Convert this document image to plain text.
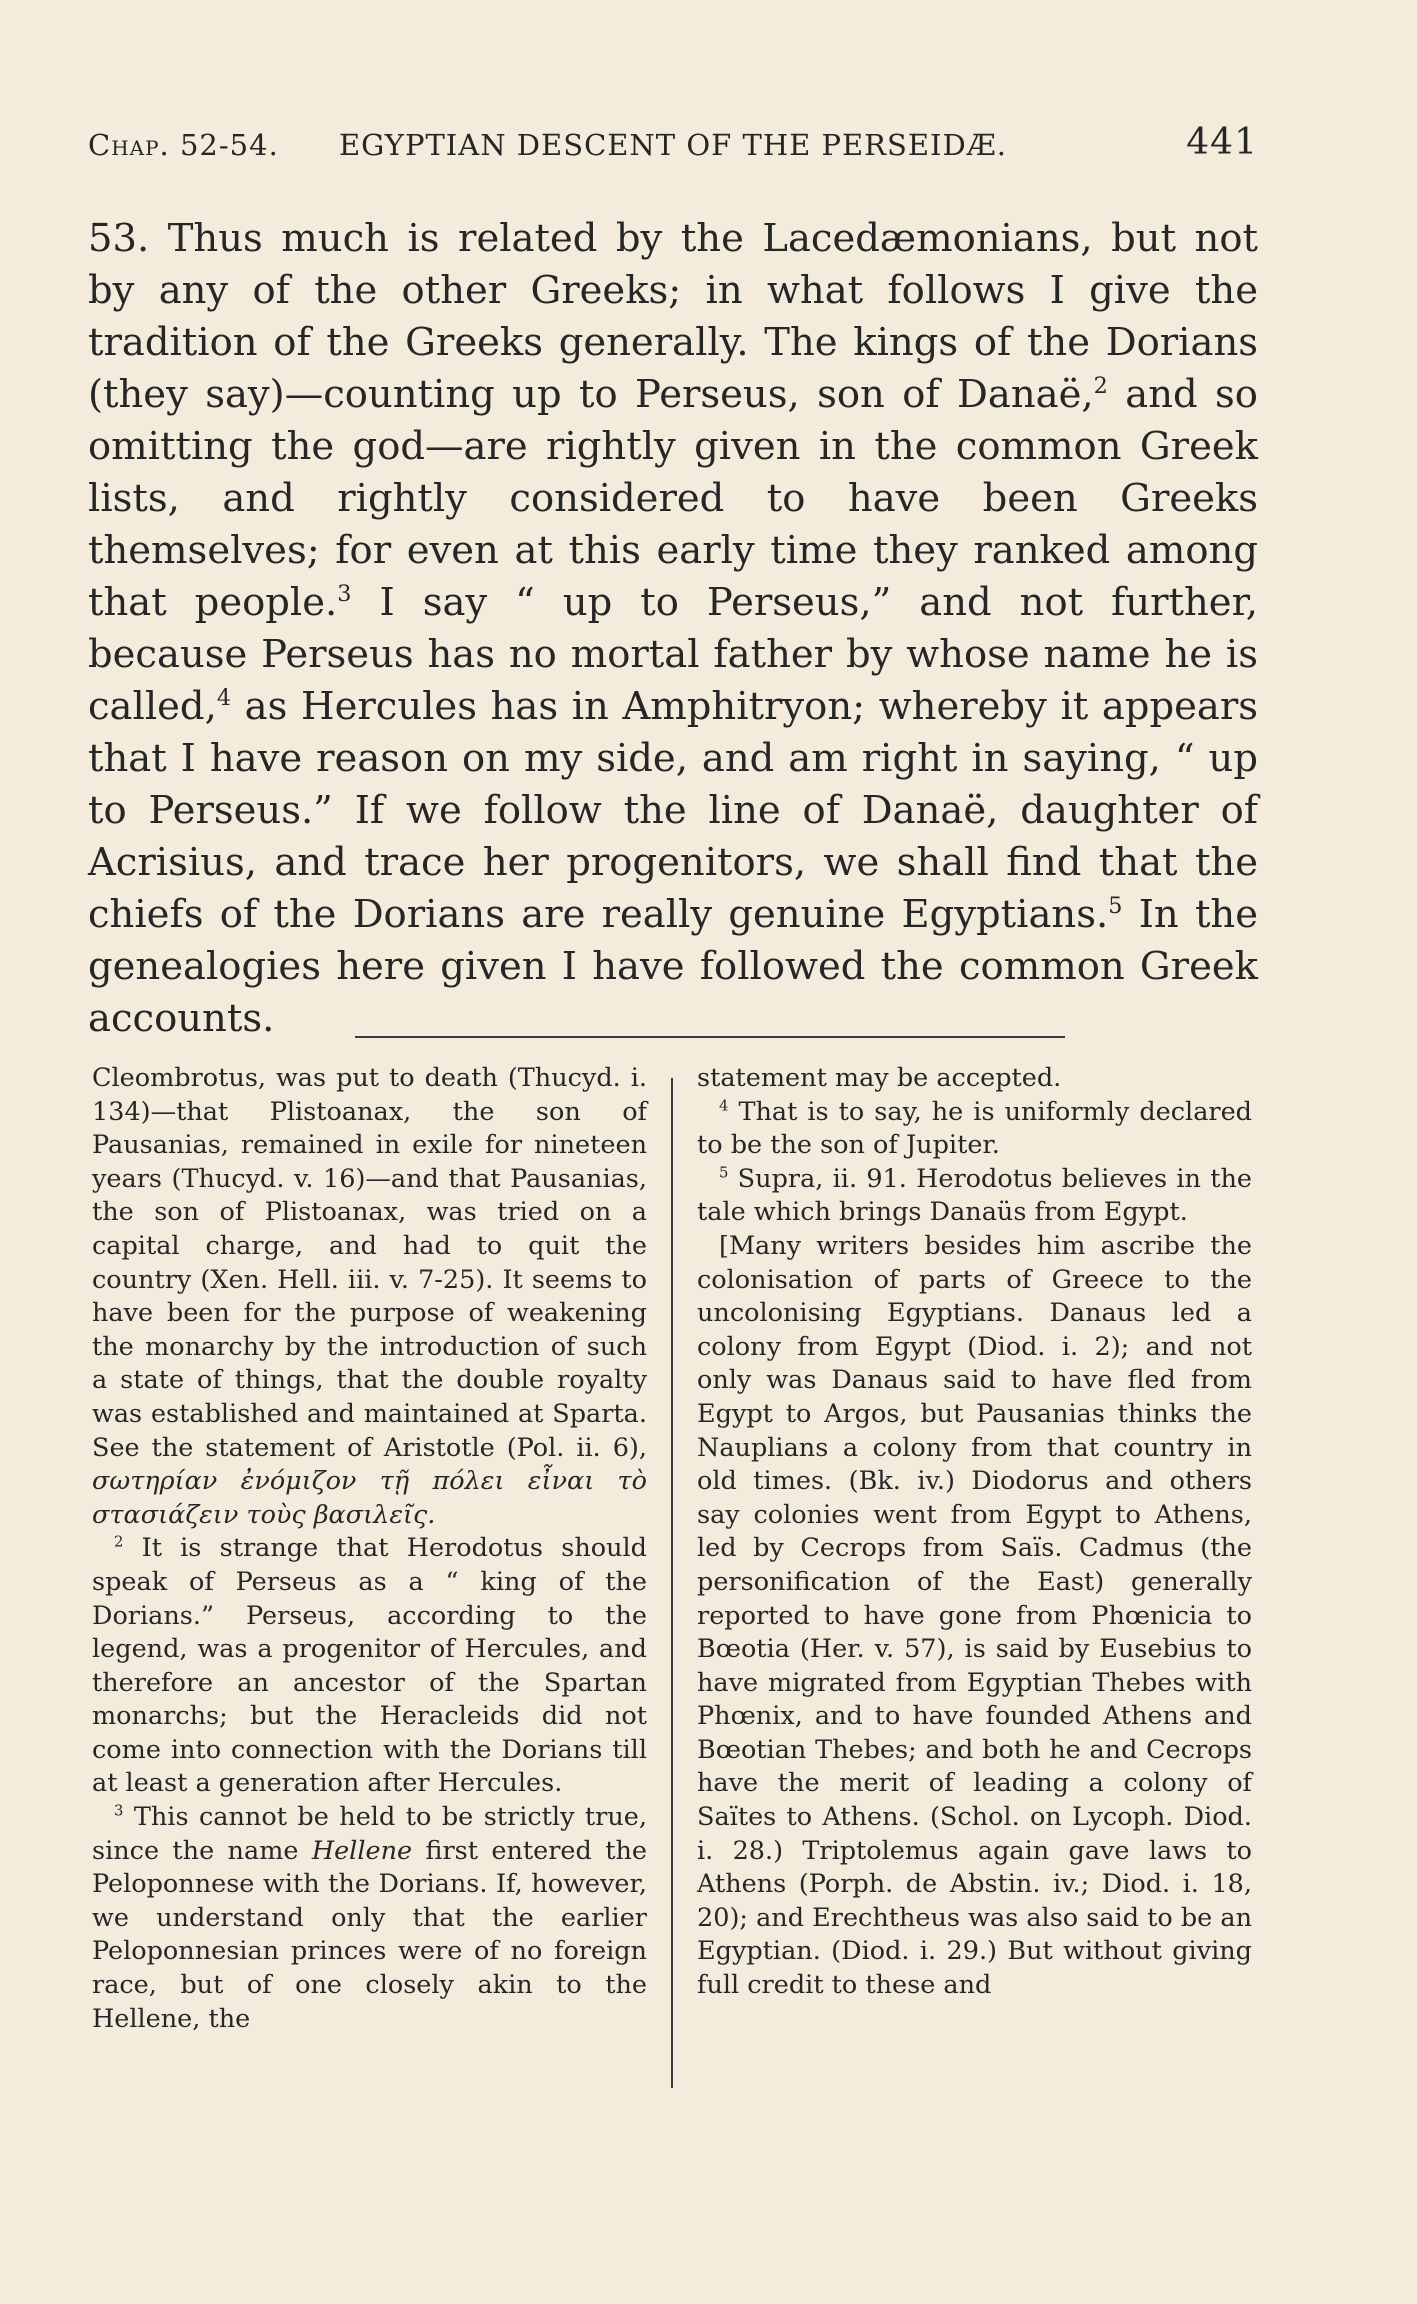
Chap. 52-54.	EGYPTIAN DESCENT OF THE PERSEIDÆ.	441

53. Thus much is related by the Lacedæmonians, but not by any of the other Greeks; in what follows I give the tradition of the Greeks generally. The kings of the Dorians (they say)—counting up to Perseus, son of Danaë,$^2$ and so omitting the god—are rightly given in the common Greek lists, and rightly considered to have been Greeks themselves; for even at this early time they ranked among that people.$^3$ I say “ up to Perseus,” and not further, because Perseus has no mortal father by whose name he is called,$^4$ as Hercules has in Amphitryon; whereby it appears that I have reason on my side, and am right in saying, “ up to Perseus.” If we follow the line of Danaë, daughter of Acrisius, and trace her progenitors, we shall find that the chiefs of the Dorians are really genuine Egyptians.$^5$ In the genealogies here given I have followed the common Greek accounts.

Cleombrotus, was put to death (Thucyd. i. 134)—that Plistoanax, the son of Pausanias, remained in exile for nineteen years (Thucyd. v. 16)—and that Pausanias, the son of Plistoanax, was tried on a capital charge, and had to quit the country (Xen. Hell. iii. v. 7-25). It seems to have been for the purpose of weakening the monarchy by the introduction of such a state of things, that the double royalty was established and maintained at Sparta. See the statement of Aristotle (Pol. ii. 6), σωτηρίαν ἐνόμιζον τῇ πόλει εἶναι τὸ στασιάζειν τοὺς βασιλεῖς.

$^2$ It is strange that Herodotus should speak of Perseus as a “ king of the Dorians.” Perseus, according to the legend, was a progenitor of Hercules, and therefore an ancestor of the Spartan monarchs; but the Heracleids did not come into connection with the Dorians till at least a generation after Hercules.

$^3$ This cannot be held to be strictly true, since the name Hellene first entered the Peloponnese with the Dorians. If, however, we understand only that the earlier Peloponnesian princes were of no foreign race, but of one closely akin to the Hellene, the

statement may be accepted.

$^4$ That is to say, he is uniformly declared to be the son of Jupiter.

$^5$ Supra, ii. 91. Herodotus believes in the tale which brings Danaüs from Egypt.

[Many writers besides him ascribe the colonisation of parts of Greece to the uncolonising Egyptians. Danaus led a colony from Egypt (Diod. i. 2); and not only was Danaus said to have fled from Egypt to Argos, but Pausanias thinks the Nauplians a colony from that country in old times. (Bk. iv.) Diodorus and others say colonies went from Egypt to Athens, led by Cecrops from Saïs. Cadmus (the personification of the East) generally reported to have gone from Phœnicia to Bœotia (Her. v. 57), is said by Eusebius to have migrated from Egyptian Thebes with Phœnix, and to have founded Athens and Bœotian Thebes; and both he and Cecrops have the merit of leading a colony of Saïtes to Athens. (Schol. on Lycoph. Diod. i. 28.) Triptolemus again gave laws to Athens (Porph. de Abstin. iv.; Diod. i. 18, 20); and Erechtheus was also said to be an Egyptian. (Diod. i. 29.) But without giving full credit to these and
